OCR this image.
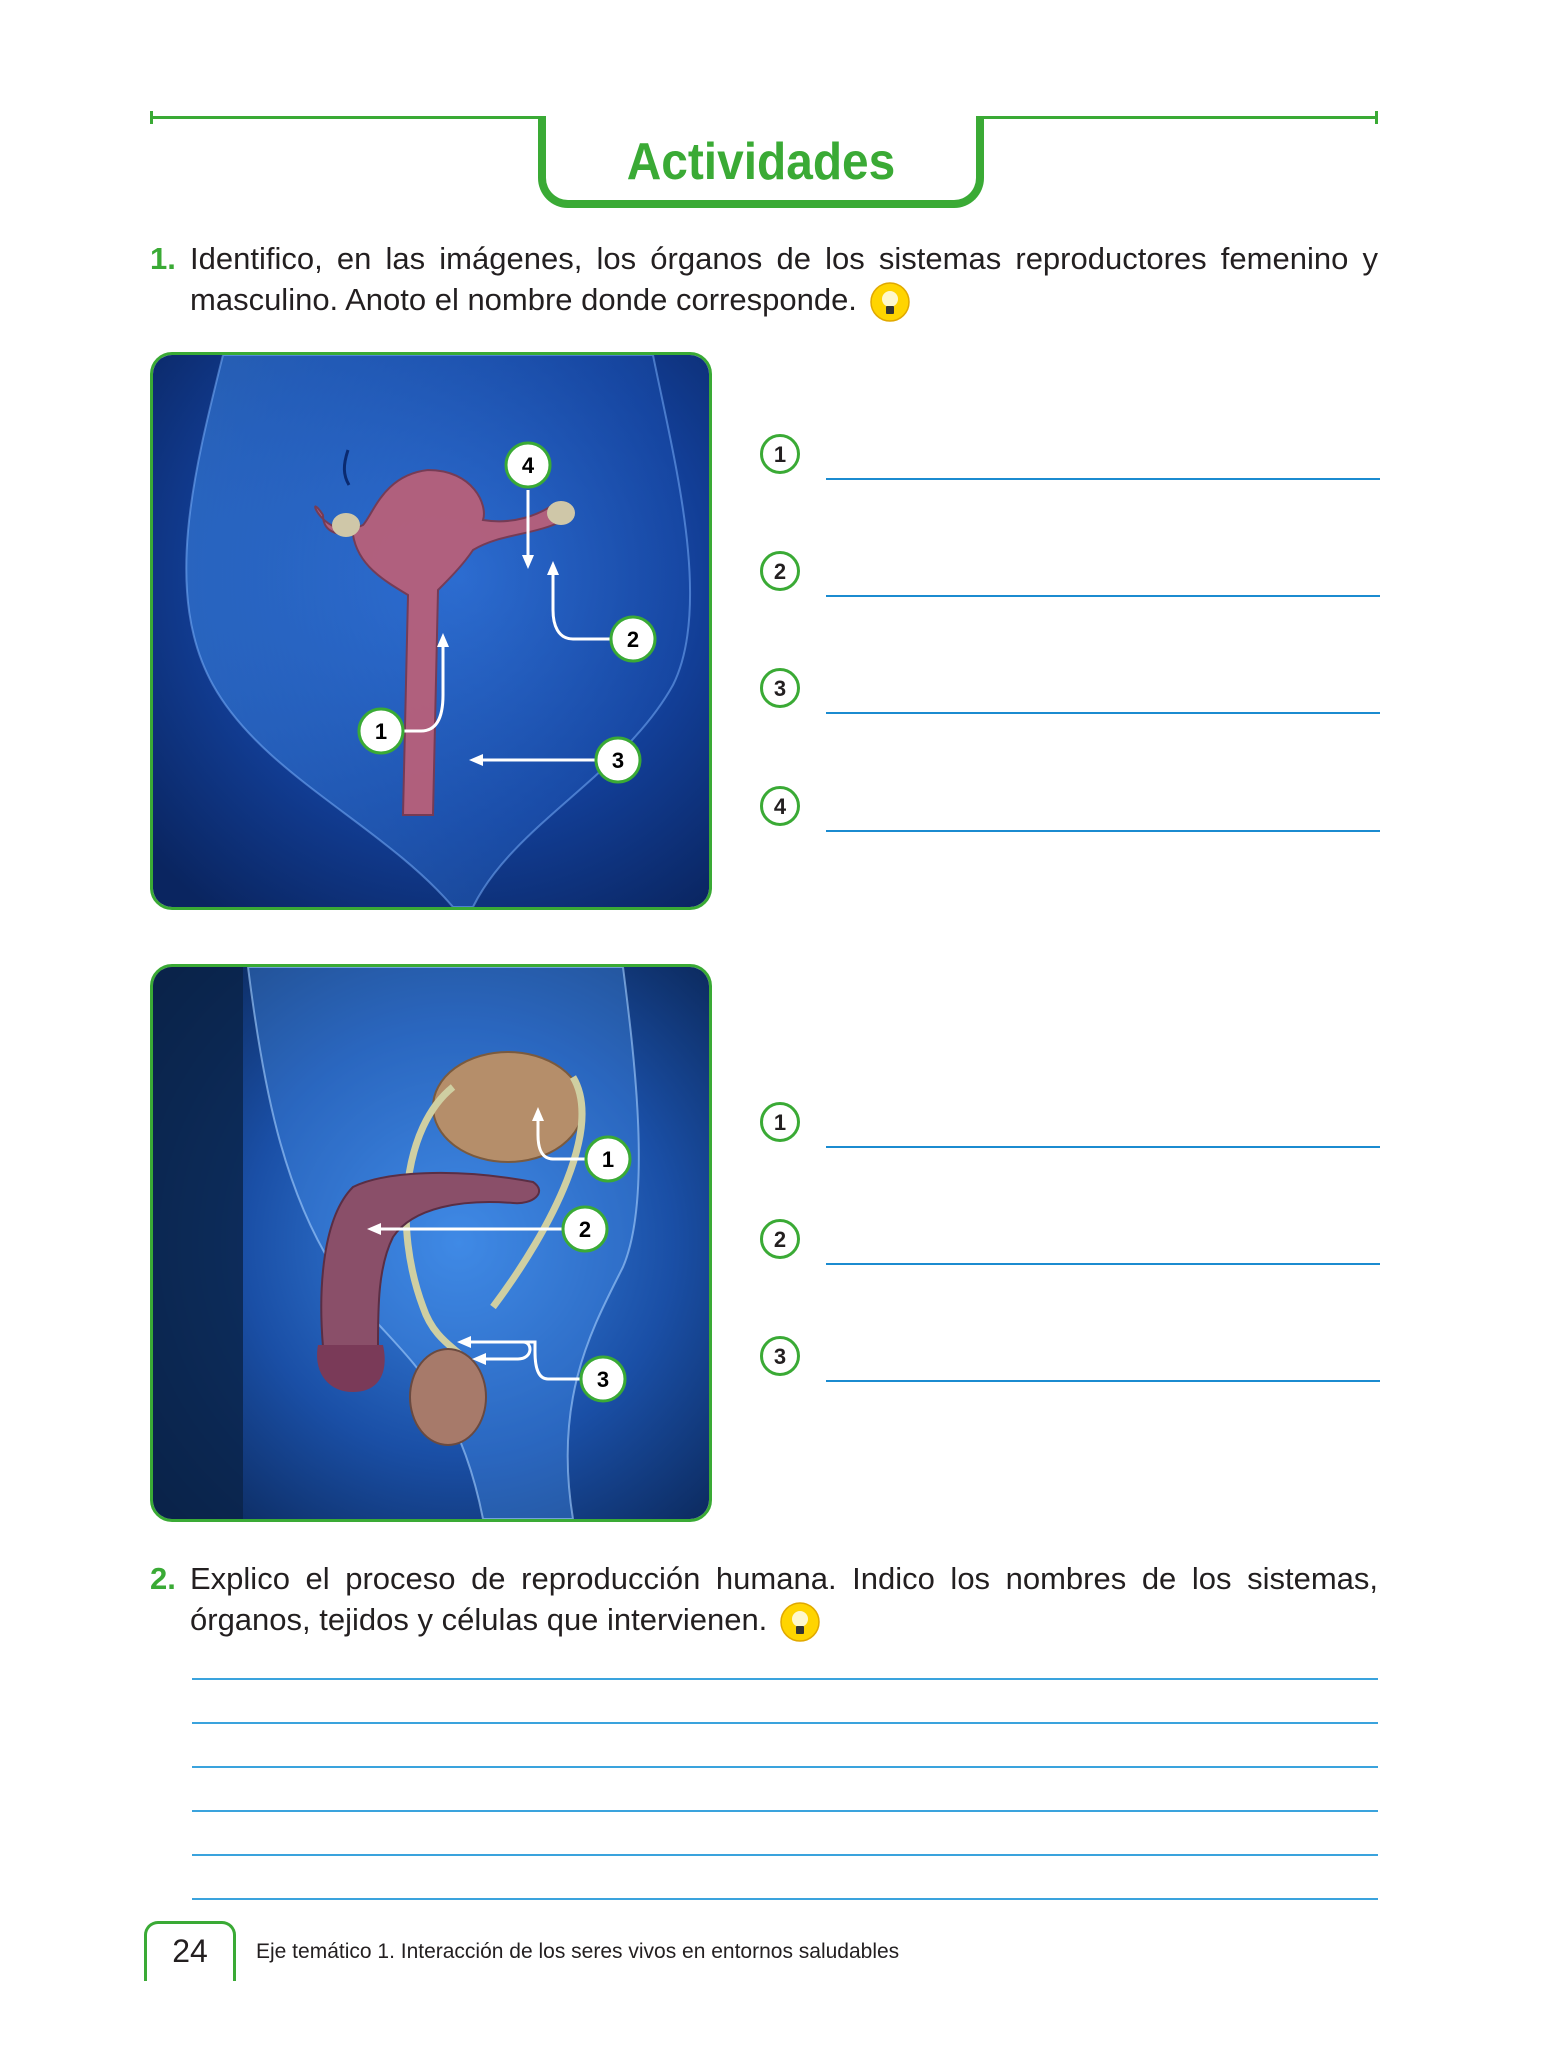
Actividades
1. Identifico, en las imágenes, los órganos de los sistemas reproductores femenino y masculino. Anoto el nombre donde corresponde.
4
1
2
3
1
2
3
4
1
2
3
1
2
3
2. Explico el proceso de reproducción humana. Indico los nombres de los sistemas, órganos, tejidos y células que intervienen.
24	Eje temático 1. Interacción de los seres vivos en entornos saludables
